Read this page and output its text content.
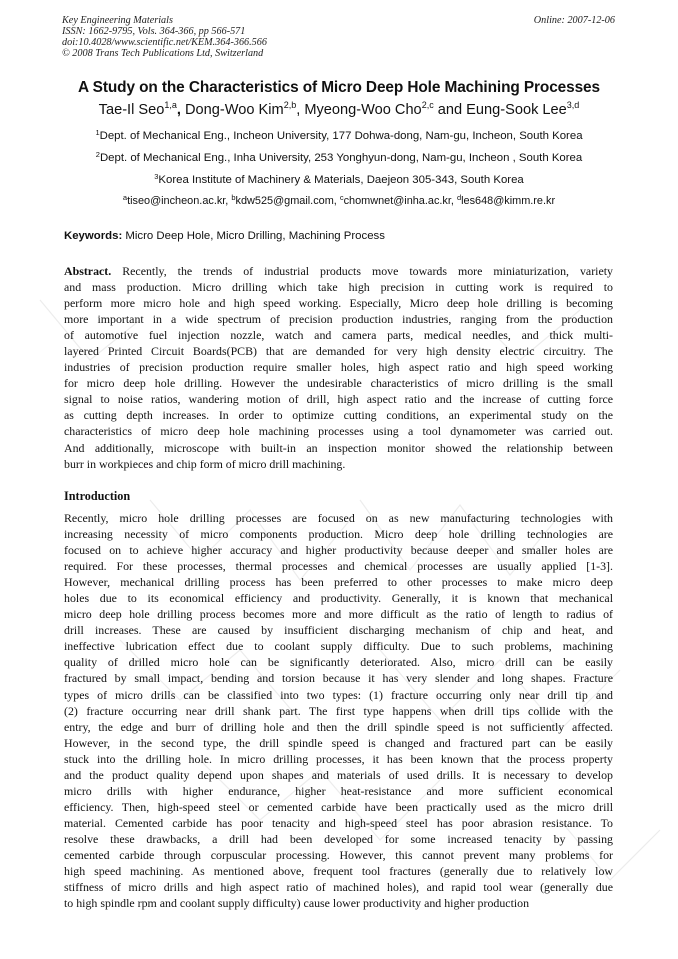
Key Engineering Materials
ISSN: 1662-9795, Vols. 364-366, pp 566-571
doi:10.4028/www.scientific.net/KEM.364-366.566
© 2008 Trans Tech Publications Ltd, Switzerland
Online: 2007-12-06
A Study on the Characteristics of Micro Deep Hole Machining Processes
Tae-Il Seo$^{1,a}$, Dong-Woo Kim$^{2,b}$, Myeong-Woo Cho$^{2,c}$ and Eung-Sook Lee$^{3,d}$
$^1$Dept. of Mechanical Eng., Incheon University, 177 Dohwa-dong, Nam-gu, Incheon, South Korea
$^2$Dept. of Mechanical Eng., Inha University, 253 Yonghyun-dong, Nam-gu, Incheon , South Korea
$^3$Korea Institute of Machinery & Materials, Daejeon 305-343, South Korea
$^a$tiseo@incheon.ac.kr, $^b$kdw525@gmail.com, $^c$chomwnet@inha.ac.kr, $^d$les648@kimm.re.kr
Keywords: Micro Deep Hole, Micro Drilling, Machining Process
Abstract. Recently, the trends of industrial products move towards more miniaturization, variety
and mass production. Micro drilling which take high precision in cutting work is required to
perform more micro hole and high speed working. Especially, Micro deep hole drilling is becoming
more important in a wide spectrum of precision production industries, ranging from the production
of automotive fuel injection nozzle, watch and camera parts, medical needles, and thick multi-
layered Printed Circuit Boards(PCB) that are demanded for very high density electric circuitry. The
industries of precision production require smaller holes, high aspect ratio and high speed working
for micro deep hole drilling. However the undesirable characteristics of micro drilling is the small
signal to noise ratios, wandering motion of drill, high aspect ratio and the increase of cutting force
as cutting depth increases. In order to optimize cutting conditions, an experimental study on the
characteristics of micro deep hole machining processes using a tool dynamometer was carried out.
And additionally, microscope with built-in an inspection monitor showed the relationship between
burr in workpieces and chip form of micro drill machining.
Introduction
Recently, micro hole drilling processes are focused on as new manufacturing technologies with
increasing necessity of micro components production. Micro deep hole drilling technologies are
focused on to achieve higher accuracy and higher productivity because deeper and smaller holes are
required. For these processes, thermal processes and chemical processes are usually applied [1-3].
However, mechanical drilling process has been preferred to other processes to make micro deep
holes due to its economical efficiency and productivity. Generally, it is known that mechanical
micro deep hole drilling process becomes more and more difficult as the ratio of length to radius of
drill increases. These are caused by insufficient discharging mechanism of chip and heat, and
ineffective lubrication effect due to coolant supply difficulty. Due to such problems, machining
quality of drilled micro hole can be significantly deteriorated. Also, micro drill can be easily
fractured by small impact, bending and torsion because it has very slender and long shapes. Fracture
types of micro drills can be classified into two types: (1) fracture occurring only near drill tip and
(2) fracture occurring near drill shank part. The first type happens when drill tips collide with the
entry, the edge and burr of drilling hole and then the drill spindle speed is not sufficiently affected.
However, in the second type, the drill spindle speed is changed and fractured part can be easily
stuck into the drilling hole. In micro drilling processes, it has been known that the process property
and the product quality depend upon shapes and materials of used drills. It is necessary to develop
micro drills with higher endurance, higher heat-resistance and more sufficient economical
efficiency. Then, high-speed steel or cemented carbide have been practically used as the micro drill
material. Cemented carbide has poor tenacity and high-speed steel has poor abrasion resistance. To
resolve these drawbacks, a drill had been developed for some increased tenacity by passing
cemented carbide through corpuscular processing. However, this cannot prevent many problems for
high speed machining. As mentioned above, frequent tool fractures (generally due to relatively low
stiffness of micro drills and high aspect ratio of machined holes), and rapid tool wear (generally due
to high spindle rpm and coolant supply difficulty) cause lower productivity and higher production
